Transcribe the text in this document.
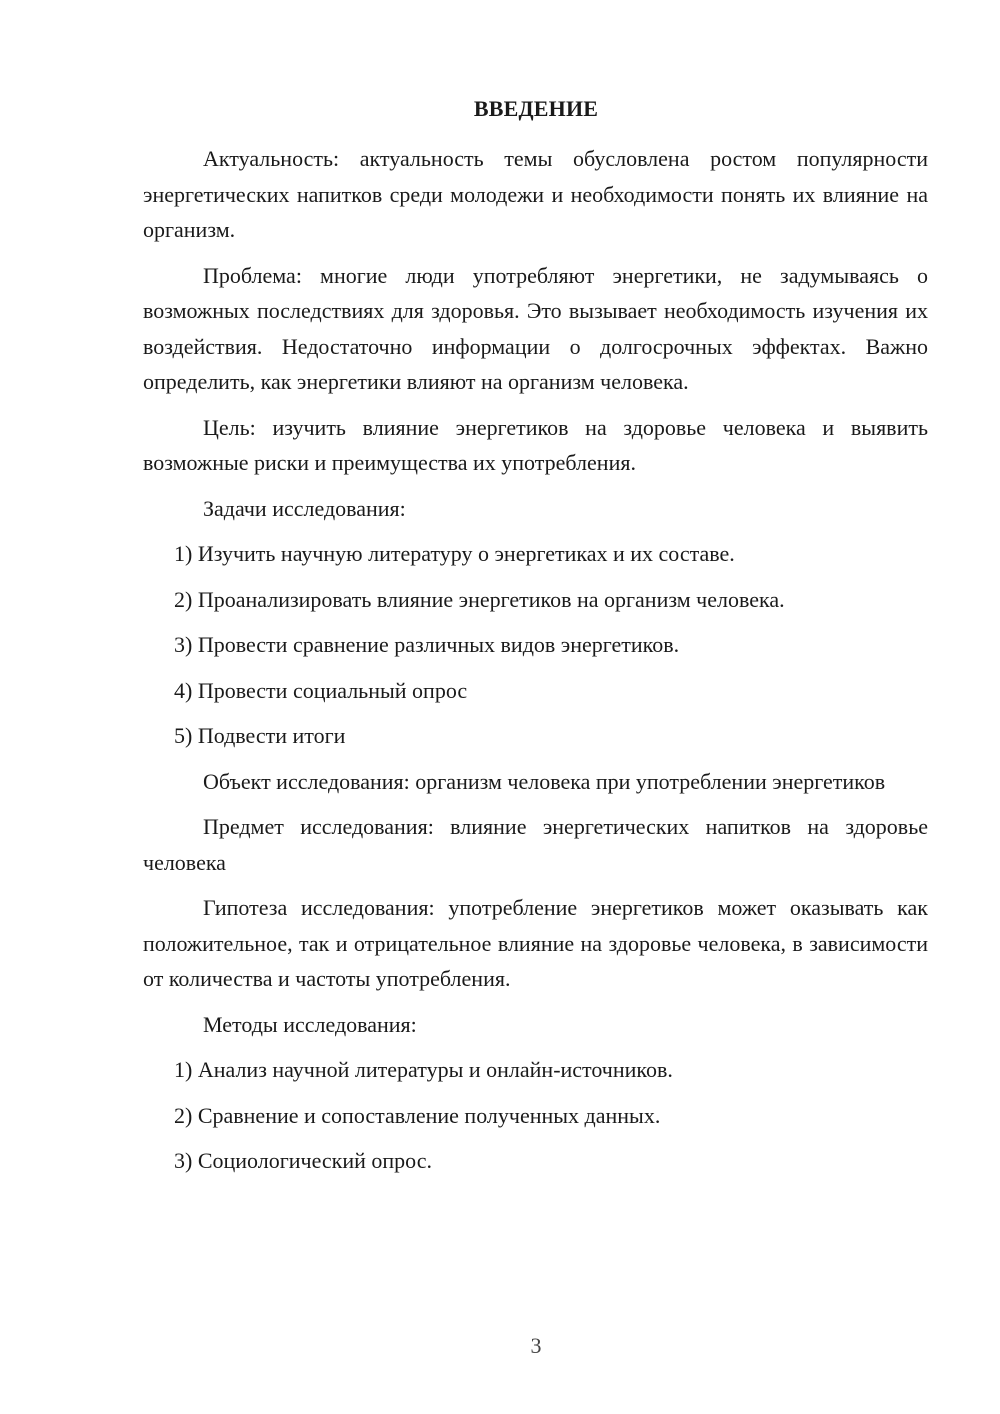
ВВЕДЕНИЕ

Актуальность: актуальность темы обусловлена ростом популярности энергетических напитков среди молодежи и необходимости понять их влияние на организм.

Проблема: многие люди употребляют энергетики, не задумываясь о возможных последствиях для здоровья. Это вызывает необходимость изучения их воздействия. Недостаточно информации о долгосрочных эффектах. Важно определить, как энергетики влияют на организм человека.

Цель: изучить влияние энергетиков на здоровье человека и выявить возможные риски и преимущества их употребления.

Задачи исследования:

1) Изучить научную литературу о энергетиках и их составе.

2) Проанализировать влияние энергетиков на организм человека.

3) Провести сравнение различных видов энергетиков.

4) Провести социальный опрос

5) Подвести итоги

Объект исследования: организм человека при употреблении энергетиков

Предмет исследования: влияние энергетических напитков на здоровье человека

Гипотеза исследования: употребление энергетиков может оказывать как положительное, так и отрицательное влияние на здоровье человека, в зависимости от количества и частоты употребления.

Методы исследования:

1) Анализ научной литературы и онлайн-источников.

2) Сравнение и сопоставление полученных данных.

3) Социологический опрос.

3
